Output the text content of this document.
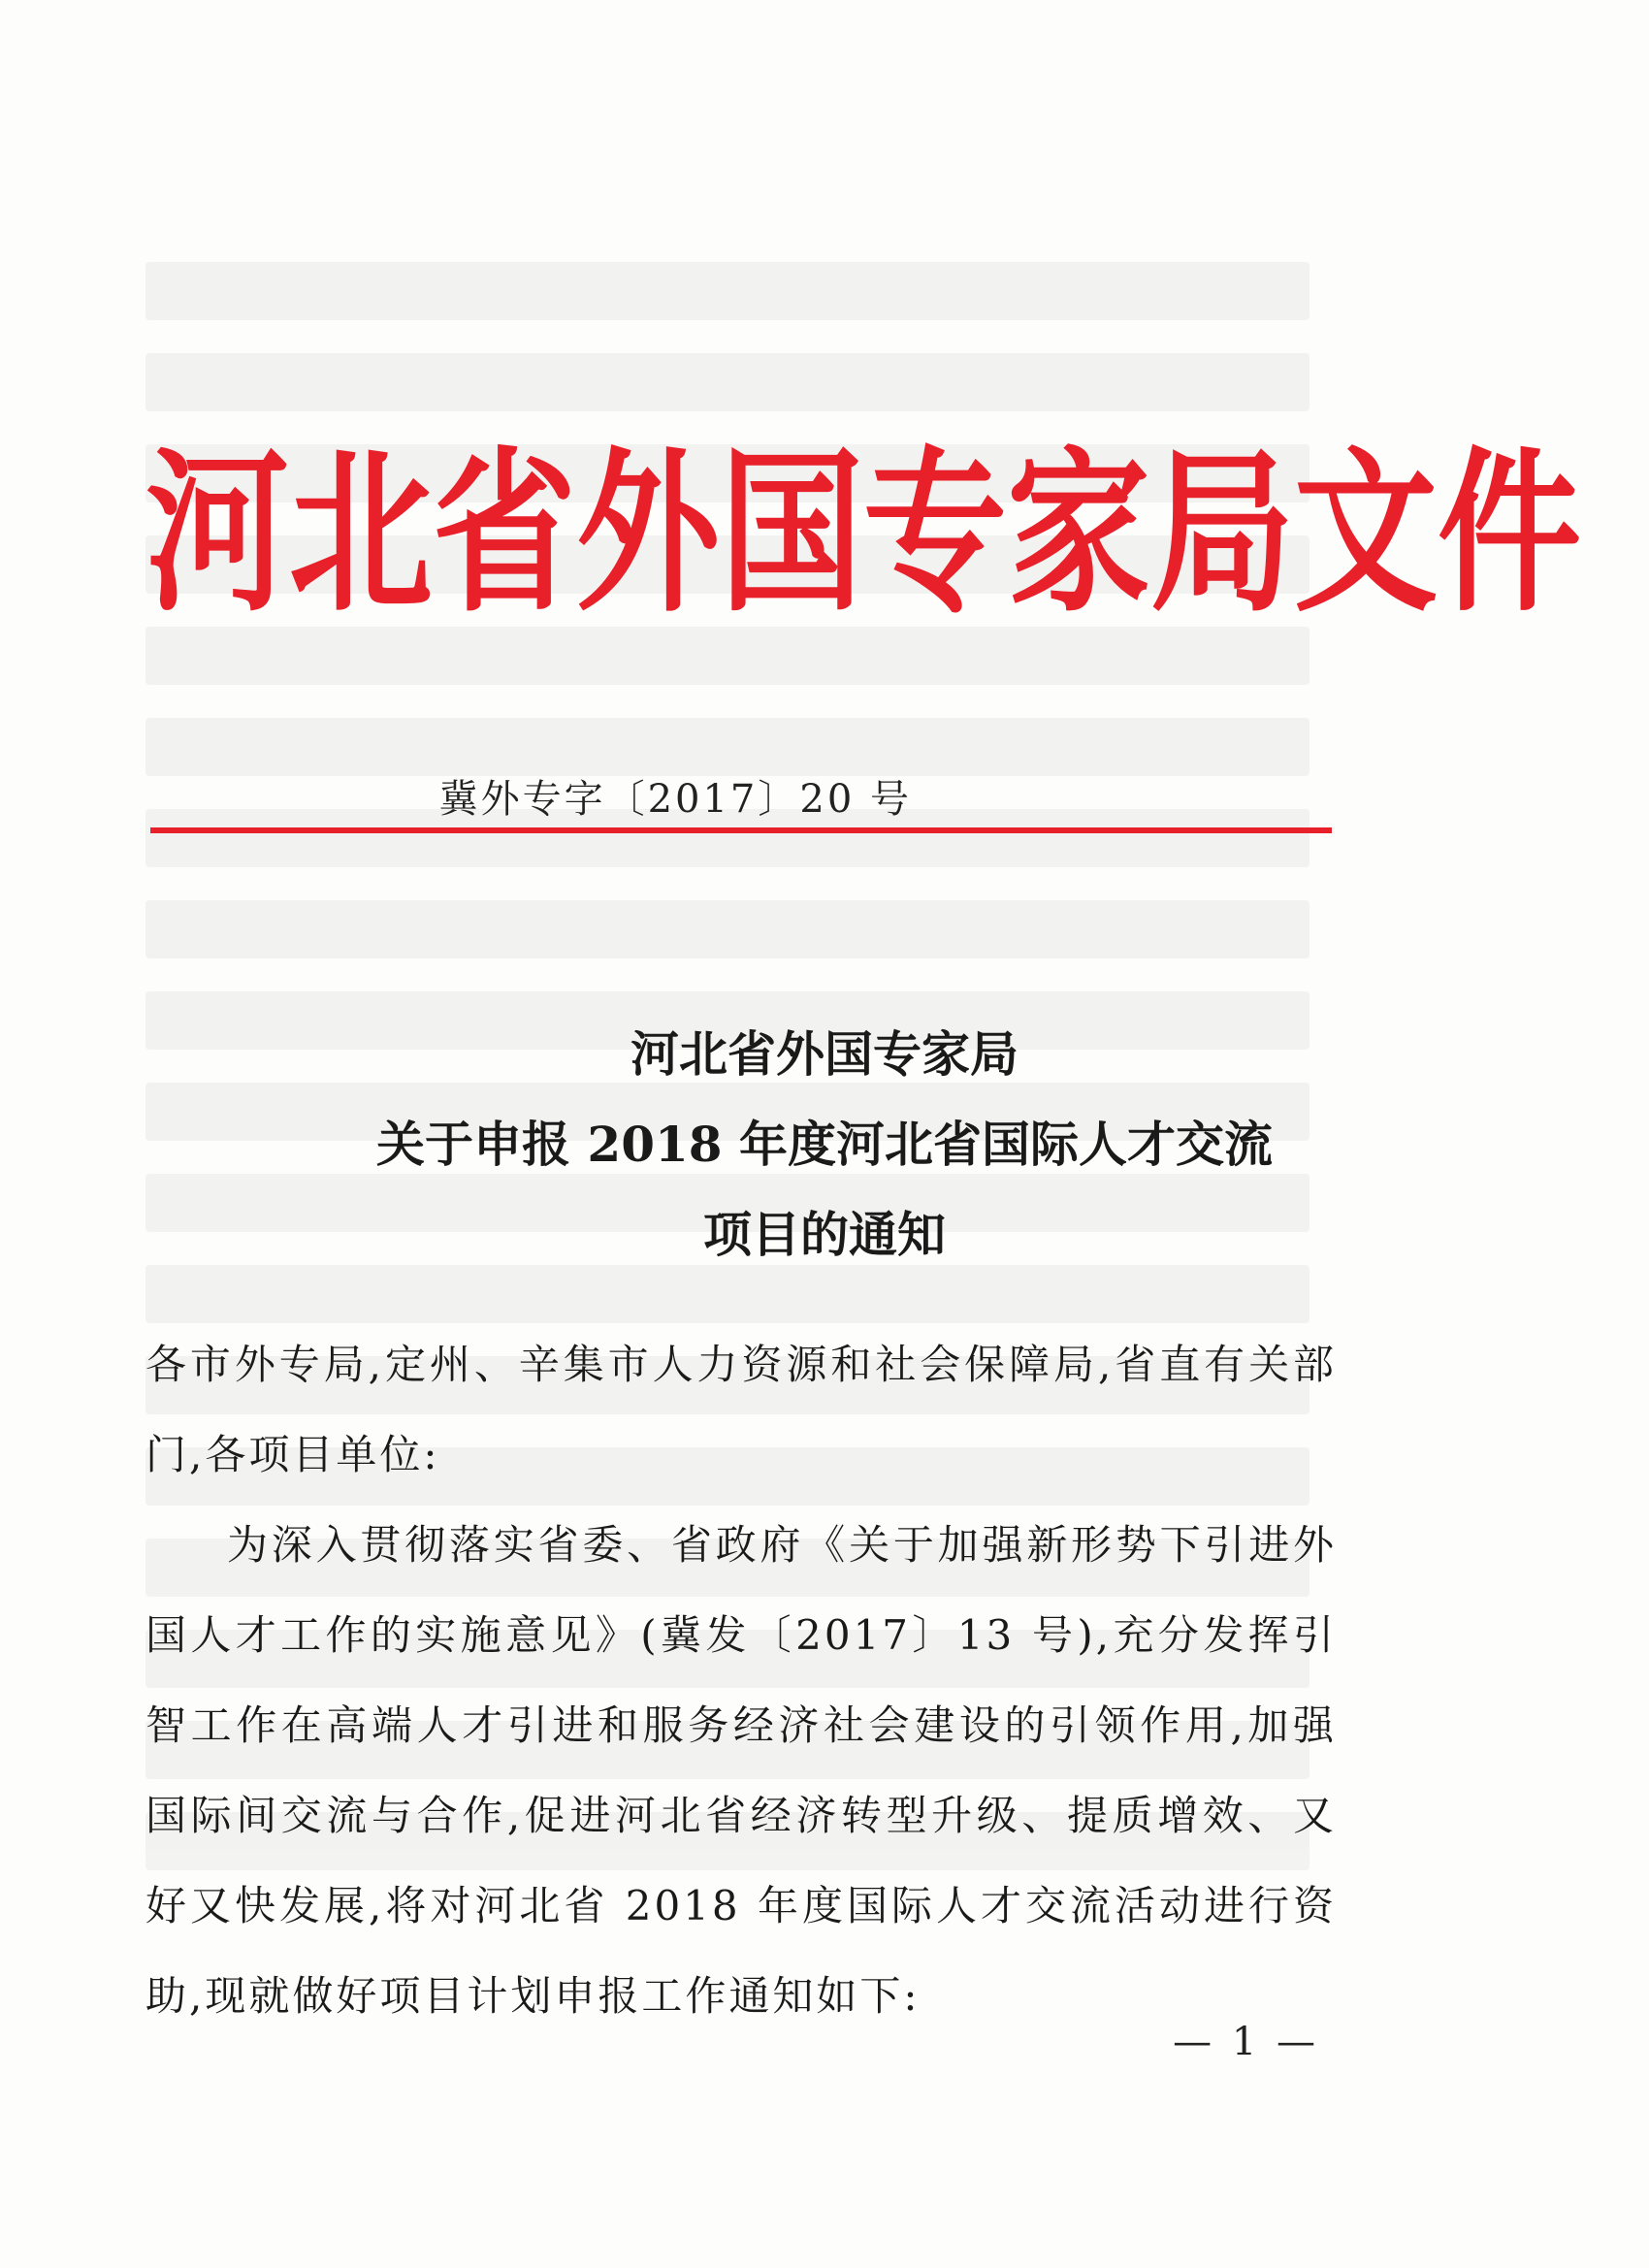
河 北 省 外 国 专 家 局 文 件
冀外专字〔2017〕20 号
河北省外国专家局
关于申报 2018 年度河北省国际人才交流
项目的通知

各市外专局,定州、辛集市人力资源和社会保障局,省直有关部门,各项目单位:

为深入贯彻落实省委、省政府《关于加强新形势下引进外国人才工作的实施意见》(冀发〔2017〕13 号),充分发挥引智工作在高端人才引进和服务经济社会建设的引领作用,加强国际间交流与合作,促进河北省经济转型升级、提质增效、又好又快发展,将对河北省 2018 年度国际人才交流活动进行资助,现就做好项目计划申报工作通知如下:

— 1 —
